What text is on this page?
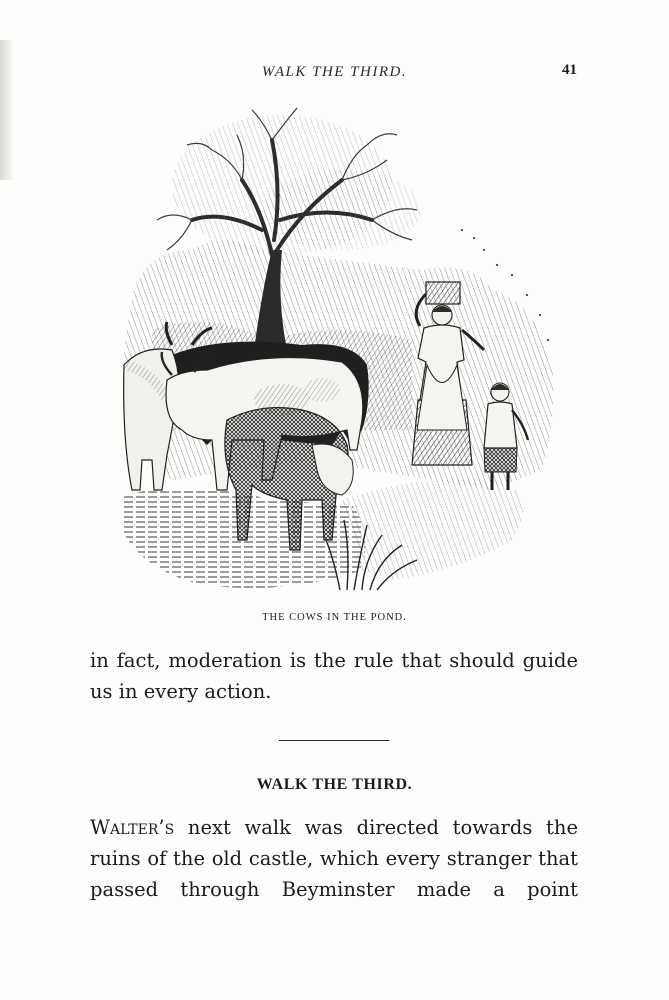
WALK THE THIRD.	41
THE COWS IN THE POND.

in fact, moderation is the rule that should guide us in every action.

WALK THE THIRD.

Walter’s next walk was directed towards the ruins of the old castle, which every stranger that passed through Beyminster made a point
